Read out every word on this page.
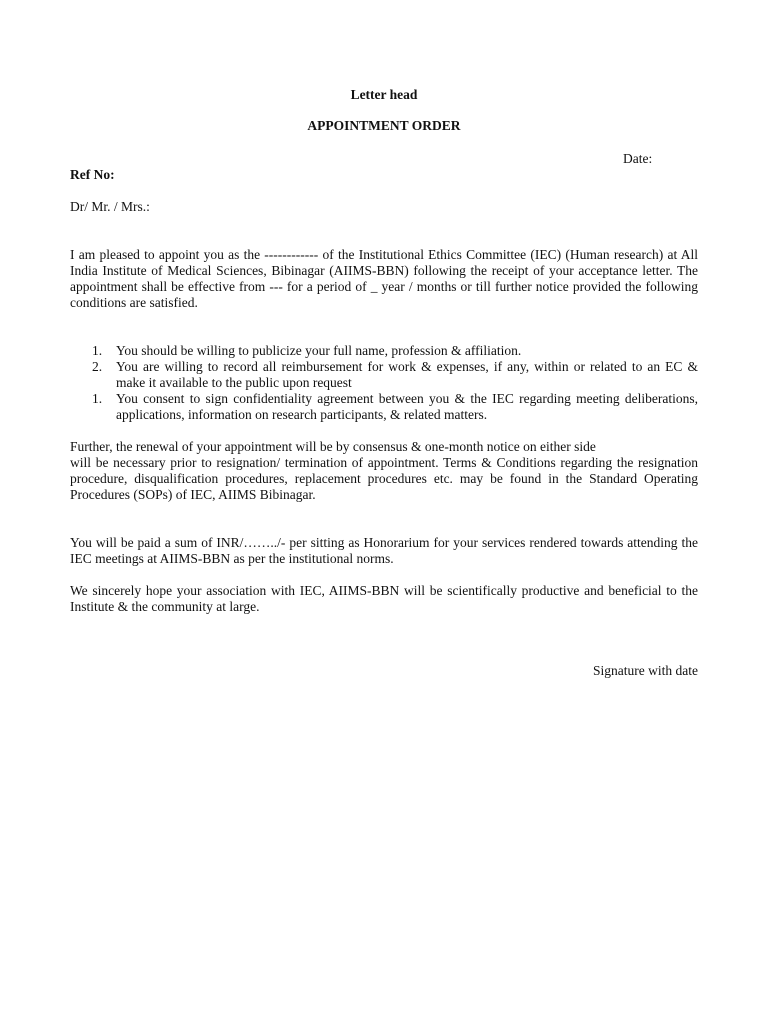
Letter head
APPOINTMENT ORDER
Date:
Ref No:
Dr/ Mr. / Mrs.:

I am pleased to appoint you as the ------------ of the Institutional Ethics Committee (IEC) (Human research) at All India Institute of Medical Sciences, Bibinagar (AIIMS-BBN) following the receipt of your acceptance letter. The appointment shall be effective from --- for a period of _ year / months or till further notice provided the following conditions are satisfied.

1. You should be willing to publicize your full name, profession & affiliation.
2. You are willing to record all reimbursement for work & expenses, if any, within or related to an EC & make it available to the public upon request
1. You consent to sign confidentiality agreement between you & the IEC regarding meeting deliberations, applications, information on research participants, & related matters.

Further, the renewal of your appointment will be by consensus & one-month notice on either side

will be necessary prior to resignation/ termination of appointment. Terms & Conditions regarding the resignation procedure, disqualification procedures, replacement procedures etc. may be found in the Standard Operating Procedures (SOPs) of IEC, AIIMS Bibinagar.

You will be paid a sum of INR/……../- per sitting as Honorarium for your services rendered towards attending the IEC meetings at AIIMS-BBN as per the institutional norms.

We sincerely hope your association with IEC, AIIMS-BBN will be scientifically productive and beneficial to the Institute & the community at large.

Signature with date
